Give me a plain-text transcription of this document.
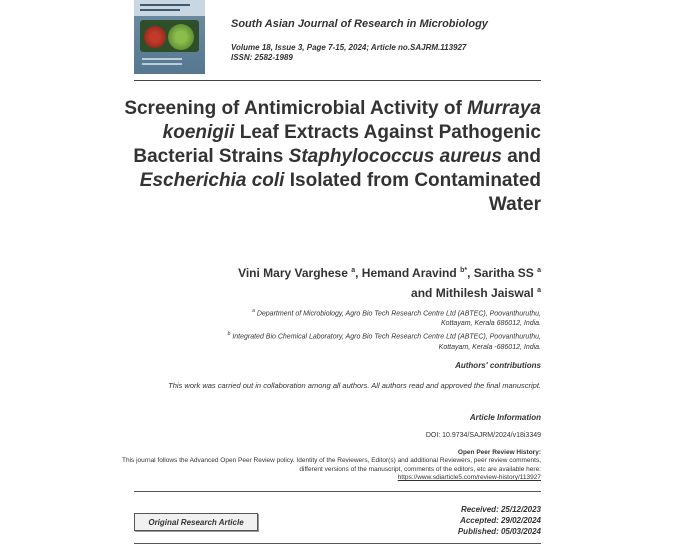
South Asian Journal of Research in Microbiology
Volume 18, Issue 3, Page 7-15, 2024; Article no.SAJRM.113927
ISSN: 2582-1989
Screening of Antimicrobial Activity of Murraya koenigii Leaf Extracts Against Pathogenic Bacterial Strains Staphylococcus aureus and
Escherichia coli Isolated from Contaminated Water
Vini Mary Varghese $^a$, Hemand Aravind $^{b*}$, Saritha SS $^a$
and Mithilesh Jaiswal $^a$
$^a$ Department of Microbiology, Agro Bio Tech Research Centre Ltd (ABTEC), Poovanthuruthu,
Kottayam, Kerala 686012, India.
$^b$ Integrated Bio Chemical Laboratory, Agro Bio Tech Research Centre Ltd (ABTEC), Poovanthuruthu,
Kottayam, Kerala -686012, India.
Authors' contributions
This work was carried out in collaboration among all authors. All authors read and approved the final manuscript.
Article Information
DOI: 10.9734/SAJRM/2024/v18i3349
Open Peer Review History:
This journal follows the Advanced Open Peer Review policy. Identity of the Reviewers, Editor(s) and additional Reviewers, peer review comments, different versions of the manuscript, comments of the editors, etc are available here:
https://www.sdiarticle5.com/review-history/113927
Original Research Article
Received: 25/12/2023
Accepted: 29/02/2024
Published: 05/03/2024
